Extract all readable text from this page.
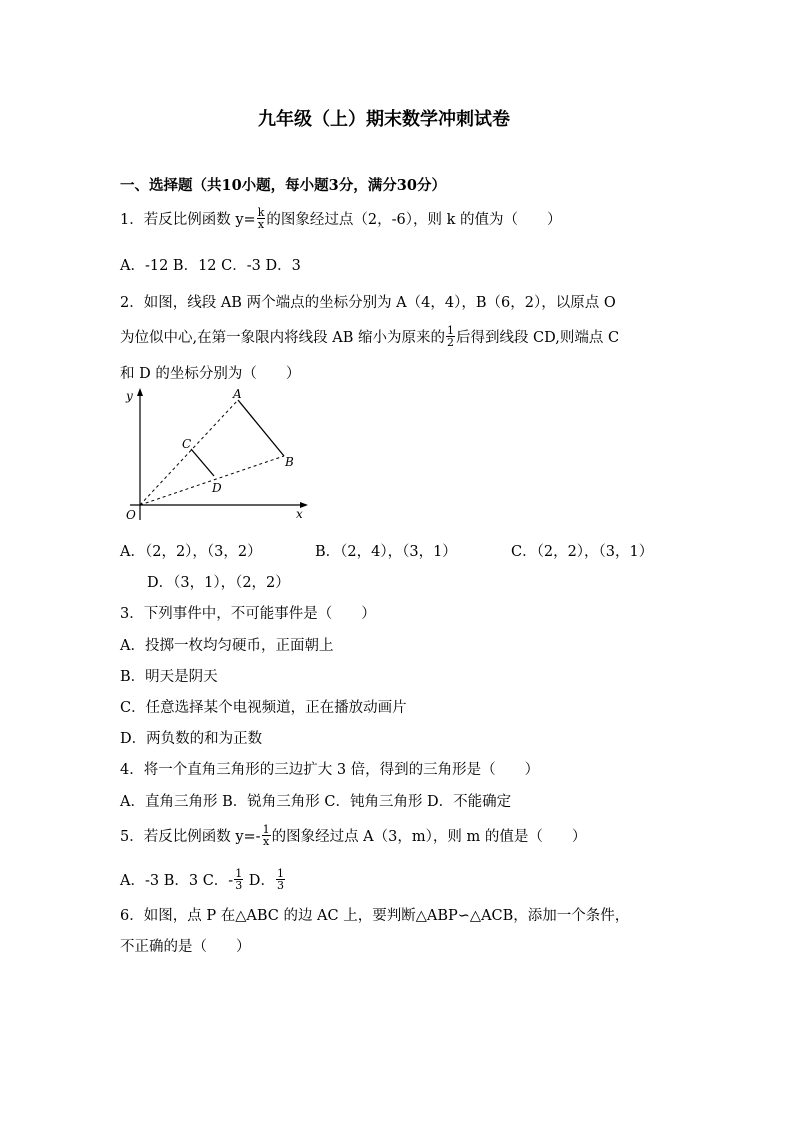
九年级（上）期末数学冲刺试卷
一、选择题（共10小题，每小题3分，满分30分）
1．若反比例函数 $y= \frac{k}{x}$ 的图象经过点（2，-6），则 k 的值为（　　）
A．-12 B．12 C．-3 D．3
2．如图，线段 AB 两个端点的坐标分别为 A（4，4），B（6，2），以原点 O
为位似中心,在第一象限内将线段 AB 缩小为原来的 $\frac{1}{2}$ 后得到线段 CD,则端点 C
和 D 的坐标分别为（　　）
y
x
O
A
B
C
D
A．（2，2），（3，2）	B．（2，4），（3，1）	C．（2，2），（3，1）
D．（3，1），（2，2）
3．下列事件中，不可能事件是（　　）
A．投掷一枚均匀硬币，正面朝上
B．明天是阴天
C．任意选择某个电视频道，正在播放动画片
D．两负数的和为正数
4．将一个直角三角形的三边扩大 3 倍，得到的三角形是（　　）
A．直角三角形 B．锐角三角形 C．钝角三角形 D．不能确定
5．若反比例函数 $y=- \frac{1}{x}$ 的图象经过点 A（3，m），则 m 的值是（　　）
A．-3 B．3 C．- $\frac{1}{3}$ D． $\frac{1}{3}$
6．如图，点 P 在△ABC 的边 AC 上，要判断△ABP∽△ACB，添加一个条件，
不正确的是（　　）
